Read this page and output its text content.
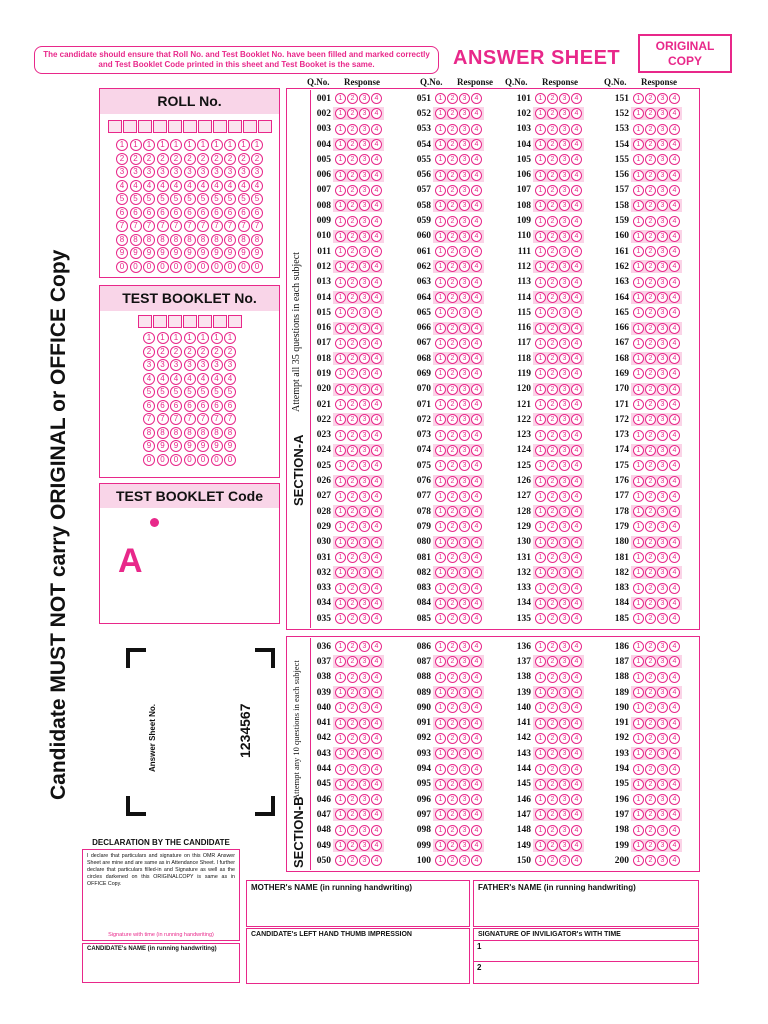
The candidate should ensure that Roll No. and Test Booklet No. have been filled and marked correctly and Test Booklet Code printed in this sheet and Test Booket is the same.	ANSWER SHEET
ORIGINAL COPY
Q.No. Response	Q.No. Response Q.No. Response	Q.No. Response
ROLL No.
1	1	1	1	1	1	1	1	1	1	1
2	2	2	2	2	2	2	2	2	2	2
3	3	3	3	3	3	3	3	3	3	3
4	4	4	4	4	4	4	4	4	4	4
5	5	5	5	5	5	5	5	5	5	5
6	6	6	6	6	6	6	6	6	6	6
7	7	7	7	7	7	7	7	7	7	7
8	8	8	8	8	8	8	8	8	8	8
9	9	9	9	9	9	9	9	9	9	9
0	0	0	0	0	0	0	0	0	0	0
TEST BOOKLET No.
1	1	1	1	1	1	1
2	2	2	2	2	2	2
3	3	3	3	3	3	3
4	4	4	4	4	4	4
5	5	5	5	5	5	5
6	6	6	6	6	6	6
7	7	7	7	7	7	7
8	8	8	8	8	8	8
9	9	9	9	9	9	9
0	0	0	0	0	0	0
TEST BOOKLET Code
A
Candidate MUST NOT carry ORIGINAL or OFFICE Copy	Answer Sheet No.	1234567
SECTION-A
Attempt all 35 questions in each subject
001	1	2	3	4
002	1	2	3	4
003	1	2	3	4
004	1	2	3	4
005	1	2	3	4
006	1	2	3	4
007	1	2	3	4
008	1	2	3	4
009	1	2	3	4
010	1	2	3	4
011	1	2	3	4
012	1	2	3	4
013	1	2	3	4
014	1	2	3	4
015	1	2	3	4
016	1	2	3	4
017	1	2	3	4
018	1	2	3	4
019	1	2	3	4
020	1	2	3	4
021	1	2	3	4
022	1	2	3	4
023	1	2	3	4
024	1	2	3	4
025	1	2	3	4
026	1	2	3	4
027	1	2	3	4
028	1	2	3	4
029	1	2	3	4
030	1	2	3	4
031	1	2	3	4
032	1	2	3	4
033	1	2	3	4
034	1	2	3	4
035	1	2	3	4
051	1	2	3	4
052	1	2	3	4
053	1	2	3	4
054	1	2	3	4
055	1	2	3	4
056	1	2	3	4
057	1	2	3	4
058	1	2	3	4
059	1	2	3	4
060	1	2	3	4
061	1	2	3	4
062	1	2	3	4
063	1	2	3	4
064	1	2	3	4
065	1	2	3	4
066	1	2	3	4
067	1	2	3	4
068	1	2	3	4
069	1	2	3	4
070	1	2	3	4
071	1	2	3	4
072	1	2	3	4
073	1	2	3	4
074	1	2	3	4
075	1	2	3	4
076	1	2	3	4
077	1	2	3	4
078	1	2	3	4
079	1	2	3	4
080	1	2	3	4
081	1	2	3	4
082	1	2	3	4
083	1	2	3	4
084	1	2	3	4
085	1	2	3	4
101	1	2	3	4
102	1	2	3	4
103	1	2	3	4
104	1	2	3	4
105	1	2	3	4
106	1	2	3	4
107	1	2	3	4
108	1	2	3	4
109	1	2	3	4
110	1	2	3	4
111	1	2	3	4
112	1	2	3	4
113	1	2	3	4
114	1	2	3	4
115	1	2	3	4
116	1	2	3	4
117	1	2	3	4
118	1	2	3	4
119	1	2	3	4
120	1	2	3	4
121	1	2	3	4
122	1	2	3	4
123	1	2	3	4
124	1	2	3	4
125	1	2	3	4
126	1	2	3	4
127	1	2	3	4
128	1	2	3	4
129	1	2	3	4
130	1	2	3	4
131	1	2	3	4
132	1	2	3	4
133	1	2	3	4
134	1	2	3	4
135	1	2	3	4
151	1	2	3	4
152	1	2	3	4
153	1	2	3	4
154	1	2	3	4
155	1	2	3	4
156	1	2	3	4
157	1	2	3	4
158	1	2	3	4
159	1	2	3	4
160	1	2	3	4
161	1	2	3	4
162	1	2	3	4
163	1	2	3	4
164	1	2	3	4
165	1	2	3	4
166	1	2	3	4
167	1	2	3	4
168	1	2	3	4
169	1	2	3	4
170	1	2	3	4
171	1	2	3	4
172	1	2	3	4
173	1	2	3	4
174	1	2	3	4
175	1	2	3	4
176	1	2	3	4
177	1	2	3	4
178	1	2	3	4
179	1	2	3	4
180	1	2	3	4
181	1	2	3	4
182	1	2	3	4
183	1	2	3	4
184	1	2	3	4
185	1	2	3	4
SECTION-B
Attempt any 10 questions in each subject
036	1	2	3	4
037	1	2	3	4
038	1	2	3	4
039	1	2	3	4
040	1	2	3	4
041	1	2	3	4
042	1	2	3	4
043	1	2	3	4
044	1	2	3	4
045	1	2	3	4
046	1	2	3	4
047	1	2	3	4
048	1	2	3	4
049	1	2	3	4
050	1	2	3	4
086	1	2	3	4
087	1	2	3	4
088	1	2	3	4
089	1	2	3	4
090	1	2	3	4
091	1	2	3	4
092	1	2	3	4
093	1	2	3	4
094	1	2	3	4
095	1	2	3	4
096	1	2	3	4
097	1	2	3	4
098	1	2	3	4
099	1	2	3	4
100	1	2	3	4
136	1	2	3	4
137	1	2	3	4
138	1	2	3	4
139	1	2	3	4
140	1	2	3	4
141	1	2	3	4
142	1	2	3	4
143	1	2	3	4
144	1	2	3	4
145	1	2	3	4
146	1	2	3	4
147	1	2	3	4
148	1	2	3	4
149	1	2	3	4
150	1	2	3	4
186	1	2	3	4
187	1	2	3	4
188	1	2	3	4
189	1	2	3	4
190	1	2	3	4
191	1	2	3	4
192	1	2	3	4
193	1	2	3	4
194	1	2	3	4
195	1	2	3	4
196	1	2	3	4
197	1	2	3	4
198	1	2	3	4
199	1	2	3	4
200	1	2	3	4
DECLARATION BY THE CANDIDATE
I declare that particulars and signature on this OMR Answer Sheet are mine and are same as in Attendance Sheet. I further declare that particulars filled-in and Signature as well as the circles darkened on this ORIGINALCOPY is same as in OFFICE Copy.
Signature with time (in running handwriting)
CANDIDATE's NAME (in running handwriting)
MOTHER's NAME (in running handwriting)	FATHER's NAME (in running handwriting)
CANDIDATE's LEFT HAND THUMB IMPRESSION	SIGNATURE OF INVILIGATOR's WITH TIME
1
2
